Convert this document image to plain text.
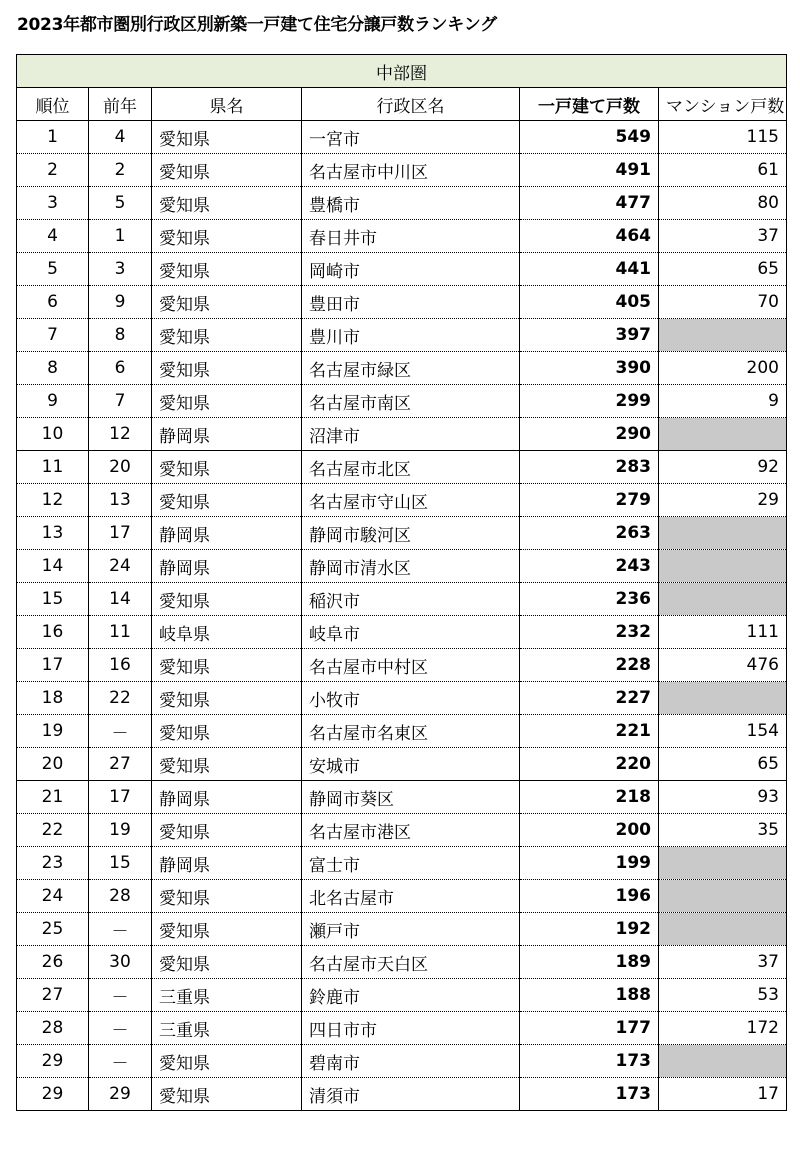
2023年都市圏別行政区別新築一戸建て住宅分譲戸数ランキング
中部圏					
順位	前年	県名	行政区名	一戸建て戸数	マンション戸数
1	4	愛知県	一宮市	549	115
2	2	愛知県	名古屋市中川区	491	61
3	5	愛知県	豊橋市	477	80
4	1	愛知県	春日井市	464	37
5	3	愛知県	岡崎市	441	65
6	9	愛知県	豊田市	405	70
7	8	愛知県	豊川市	397	
8	6	愛知県	名古屋市緑区	390	200
9	7	愛知県	名古屋市南区	299	9
10	12	静岡県	沼津市	290	
11	20	愛知県	名古屋市北区	283	92
12	13	愛知県	名古屋市守山区	279	29
13	17	静岡県	静岡市駿河区	263	
14	24	静岡県	静岡市清水区	243	
15	14	愛知県	稲沢市	236	
16	11	岐阜県	岐阜市	232	111
17	16	愛知県	名古屋市中村区	228	476
18	22	愛知県	小牧市	227	
19	－	愛知県	名古屋市名東区	221	154
20	27	愛知県	安城市	220	65
21	17	静岡県	静岡市葵区	218	93
22	19	愛知県	名古屋市港区	200	35
23	15	静岡県	富士市	199	
24	28	愛知県	北名古屋市	196	
25	－	愛知県	瀬戸市	192	
26	30	愛知県	名古屋市天白区	189	37
27	－	三重県	鈴鹿市	188	53
28	－	三重県	四日市市	177	172
29	－	愛知県	碧南市	173	
29	29	愛知県	清須市	173	17
